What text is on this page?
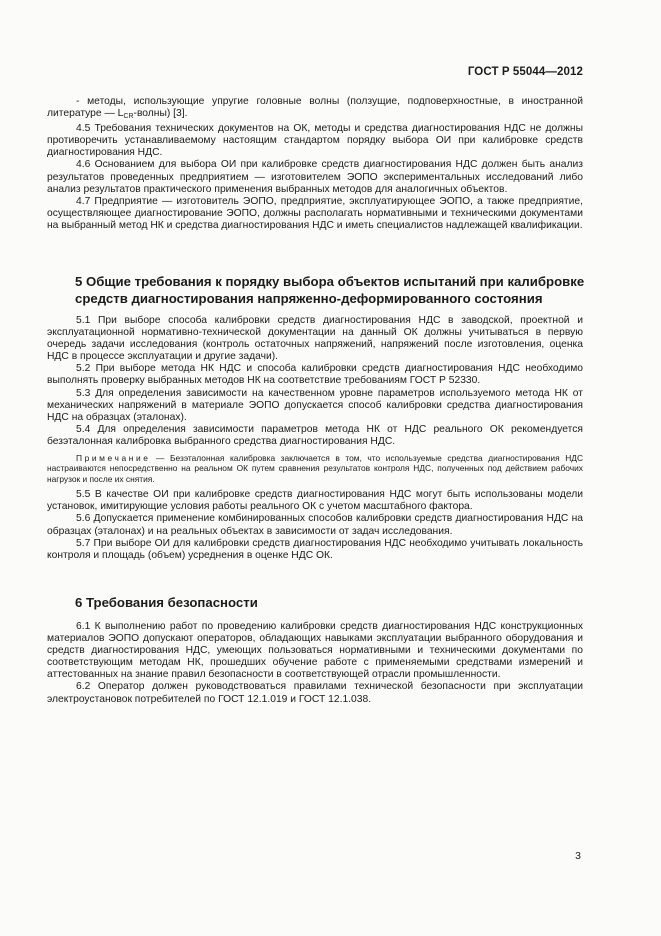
ГОСТ Р 55044—2012

- методы, использующие упругие головные волны (ползущие, подповерхностные, в иностранной литературе — $L_{CR}-волны$) [3].

4.5 Требования технических документов на ОК, методы и средства диагностирования НДС не должны противоречить устанавливаемому настоящим стандартом порядку выбора ОИ при калибровке средств диагностирования НДС.

4.6 Основанием для выбора ОИ при калибровке средств диагностирования НДС должен быть анализ результатов проведенных предприятием — изготовителем ЭОПО экспериментальных исследований либо анализ результатов практического применения выбранных методов для аналогичных объектов.

4.7 Предприятие — изготовитель ЭОПО, предприятие, эксплуатирующее ЭОПО, а также предприятие, осуществляющее диагностирование ЭОПО, должны располагать нормативными и техническими документами на выбранный метод НК и средства диагностирования НДС и иметь специалистов надлежащей квалификации.

5 Общие требования к порядку выбора объектов испытаний при калибровке средств диагностирования напряженно-деформированного состояния

5.1 При выборе способа калибровки средств диагностирования НДС в заводской, проектной и эксплуатационной нормативно-технической документации на данный ОК должны учитываться в первую очередь задачи исследования (контроль остаточных напряжений, напряжений после изготовления, оценка НДС в процессе эксплуатации и другие задачи).

5.2 При выборе метода НК НДС и способа калибровки средств диагностирования НДС необходимо выполнять проверку выбранных методов НК на соответствие требованиям ГОСТ Р 52330.

5.3 Для определения зависимости на качественном уровне параметров используемого метода НК от механических напряжений в материале ЭОПО допускается способ калибровки средства диагностирования НДС на образцах (эталонах).

5.4 Для определения зависимости параметров метода НК от НДС реального ОК рекомендуется безэталонная калибровка выбранного средства диагностирования НДС.

Примечание — Безэталонная калибровка заключается в том, что используемые средства диагностирования НДС настраиваются непосредственно на реальном ОК путем сравнения результатов контроля НДС, полученных под действием рабочих нагрузок и после их снятия.

5.5 В качестве ОИ при калибровке средств диагностирования НДС могут быть использованы модели установок, имитирующие условия работы реального ОК с учетом масштабного фактора.

5.6 Допускается применение комбинированных способов калибровки средств диагностирования НДС на образцах (эталонах) и на реальных объектах в зависимости от задач исследования.

5.7 При выборе ОИ для калибровки средств диагностирования НДС необходимо учитывать локальность контроля и площадь (объем) усреднения в оценке НДС ОК.

6 Требования безопасности

6.1 К выполнению работ по проведению калибровки средств диагностирования НДС конструкционных материалов ЭОПО допускают операторов, обладающих навыками эксплуатации выбранного оборудования и средств диагностирования НДС, умеющих пользоваться нормативными и техническими документами по соответствующим методам НК, прошедших обучение работе с применяемыми средствами измерений и аттестованных на знание правил безопасности в соответствующей отрасли промышленности.

6.2 Оператор должен руководствоваться правилами технической безопасности при эксплуатации электроустановок потребителей по ГОСТ 12.1.019 и ГОСТ 12.1.038.

3
